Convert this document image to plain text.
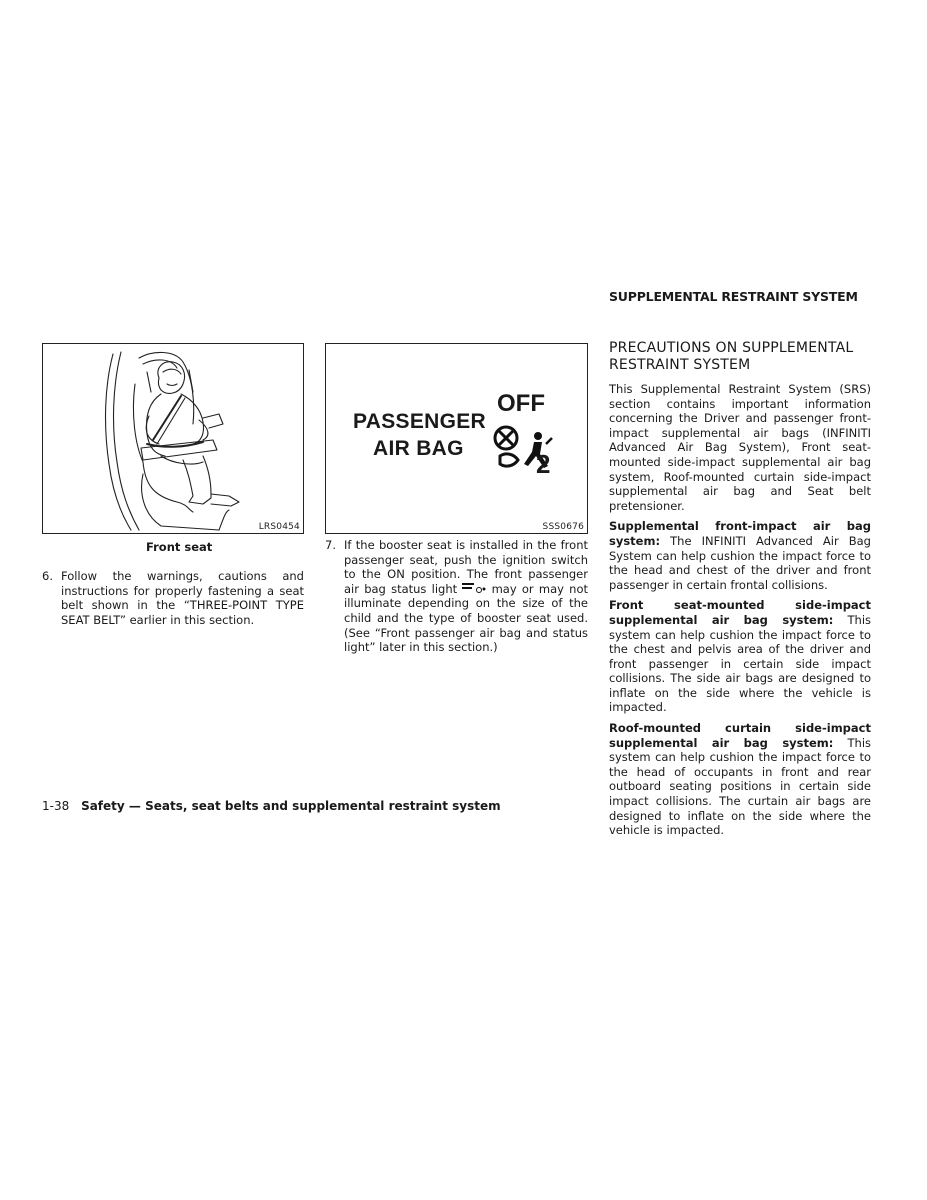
LRS0454
Front seat
PASSENGER
AIR BAG
OFF
2
SSS0676
6. Follow the warnings, cautions and instructions for properly fastening a seat belt shown in the “THREE-POINT TYPE SEAT BELT” earlier in this section.
7. If the booster seat is installed in the front passenger seat, push the ignition switch to the ON position. The front passenger air bag status light	may or may not illuminate depending on the size of the child and the type of booster seat used. (See “Front passenger air bag and status light” later in this section.)
SUPPLEMENTAL RESTRAINT SYSTEM
PRECAUTIONS ON SUPPLEMENTAL RESTRAINT SYSTEM

This Supplemental Restraint System (SRS) section contains important information concerning the Driver and passenger front-impact supplemental air bags (INFINITI Advanced Air Bag System), Front seat-mounted side-impact supplemental air bag system, Roof-mounted curtain side-impact supplemental air bag and Seat belt pretensioner.

Supplemental front-impact air bag system: The INFINITI Advanced Air Bag System can help cushion the impact force to the head and chest of the driver and front passenger in certain frontal collisions.

Front seat-mounted side-impact supplemental air bag system: This system can help cushion the impact force to the chest and pelvis area of the driver and front passenger in certain side impact collisions. The side air bags are designed to inflate on the side where the vehicle is impacted.

Roof-mounted curtain side-impact supplemental air bag system: This system can help cushion the impact force to the head of occupants in front and rear outboard seating positions in certain side impact collisions. The curtain air bags are designed to inflate on the side where the vehicle is impacted.

1-38 Safety — Seats, seat belts and supplemental restraint system
